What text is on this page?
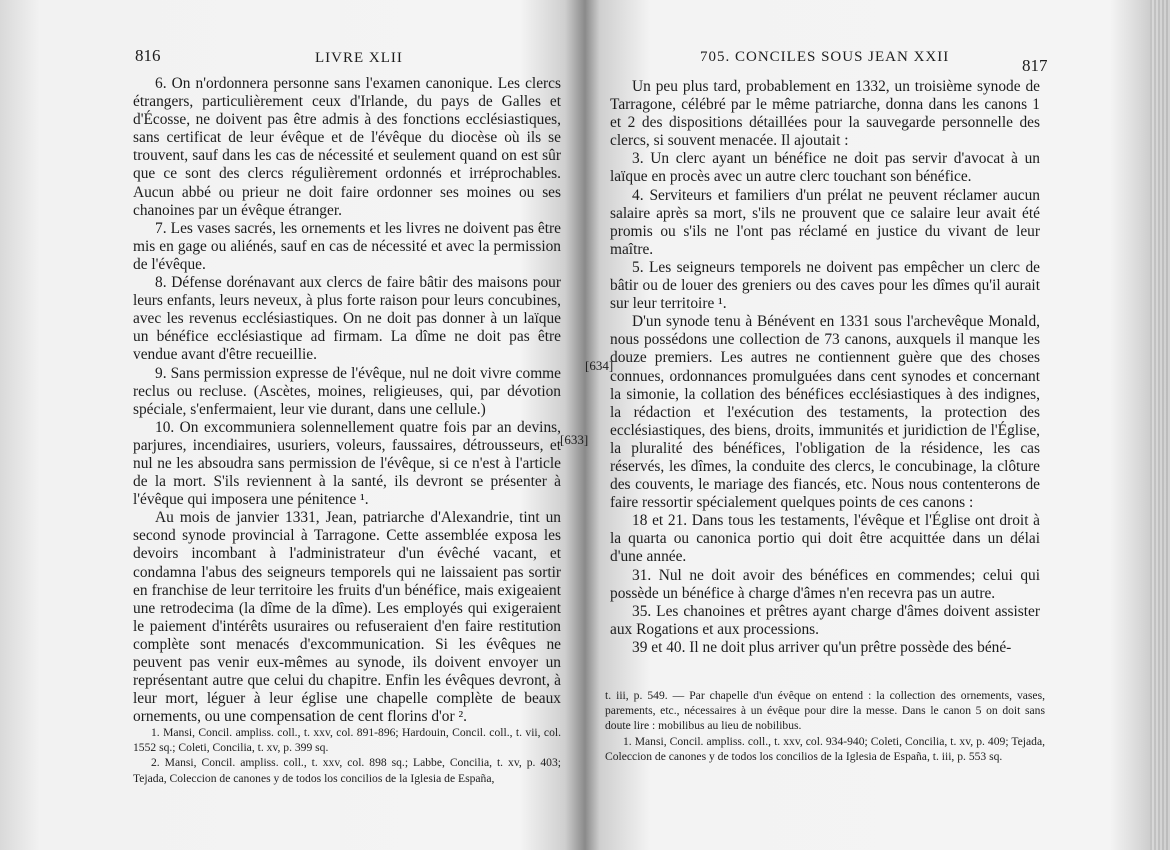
816	LIVRE XLII

6. On n'ordonnera personne sans l'examen canonique. Les clercs étrangers, particulièrement ceux d'Irlande, du pays de Galles et d'Écosse, ne doivent pas être admis à des fonctions ecclésiastiques, sans certificat de leur évêque et de l'évêque du diocèse où ils se trouvent, sauf dans les cas de nécessité et seulement quand on est sûr que ce sont des clercs régulièrement ordonnés et irréprochables. Aucun abbé ou prieur ne doit faire ordonner ses moines ou ses chanoines par un évêque étranger.

7. Les vases sacrés, les ornements et les livres ne doivent pas être mis en gage ou aliénés, sauf en cas de nécessité et avec la permission de l'évêque.

8. Défense dorénavant aux clercs de faire bâtir des maisons pour leurs enfants, leurs neveux, à plus forte raison pour leurs concubines, avec les revenus ecclésiastiques. On ne doit pas donner à un laïque un bénéfice ecclésiastique ad firmam. La dîme ne doit pas être vendue avant d'être recueillie.

9. Sans permission expresse de l'évêque, nul ne doit vivre comme reclus ou recluse. (Ascètes, moines, religieuses, qui, par dévotion spéciale, s'enfermaient, leur vie durant, dans une cellule.)

10. On excommuniera solennellement quatre fois par an devins, parjures, incendiaires, usuriers, voleurs, faussaires, détrousseurs, et nul ne les absoudra sans permission de l'évêque, si ce n'est à l'article de la mort. S'ils reviennent à la santé, ils devront se présenter à l'évêque qui imposera une pénitence ¹.

Au mois de janvier 1331, Jean, patriarche d'Alexandrie, tint un second synode provincial à Tarragone. Cette assemblée exposa les devoirs incombant à l'administrateur d'un évêché vacant, et condamna l'abus des seigneurs temporels qui ne laissaient pas sortir en franchise de leur territoire les fruits d'un bénéfice, mais exigeaient une retrodecima (la dîme de la dîme). Les employés qui exigeraient le paiement d'intérêts usuraires ou refuseraient d'en faire restitution complète sont menacés d'excommunication. Si les évêques ne peuvent pas venir eux-mêmes au synode, ils doivent envoyer un représentant autre que celui du chapitre. Enfin les évêques devront, à leur mort, léguer à leur église une chapelle complète de beaux ornements, ou une compensation de cent florins d'or ².

[633]

1. Mansi, Concil. ampliss. coll., t. xxv, col. 891-896; Hardouin, Concil. coll., t. vii, col. 1552 sq.; Coleti, Concilia, t. xv, p. 399 sq.

2. Mansi, Concil. ampliss. coll., t. xxv, col. 898 sq.; Labbe, Concilia, t. xv, p. 403; Tejada, Coleccion de canones y de todos los concilios de la Iglesia de España,

705. CONCILES SOUS JEAN XXII	817

Un peu plus tard, probablement en 1332, un troisième synode de Tarragone, célébré par le même patriarche, donna dans les canons 1 et 2 des dispositions détaillées pour la sauvegarde personnelle des clercs, si souvent menacée. Il ajoutait :

3. Un clerc ayant un bénéfice ne doit pas servir d'avocat à un laïque en procès avec un autre clerc touchant son bénéfice.

4. Serviteurs et familiers d'un prélat ne peuvent réclamer aucun salaire après sa mort, s'ils ne prouvent que ce salaire leur avait été promis ou s'ils ne l'ont pas réclamé en justice du vivant de leur maître.

5. Les seigneurs temporels ne doivent pas empêcher un clerc de bâtir ou de louer des greniers ou des caves pour les dîmes qu'il aurait sur leur territoire ¹.

D'un synode tenu à Bénévent en 1331 sous l'archevêque Monald, nous possédons une collection de 73 canons, auxquels il manque les douze premiers. Les autres ne contiennent guère que des choses connues, ordonnances promulguées dans cent synodes et concernant la simonie, la collation des bénéfices ecclésiastiques à des indignes, la rédaction et l'exécution des testaments, la protection des ecclésiastiques, des biens, droits, immunités et juridiction de l'Église, la pluralité des bénéfices, l'obligation de la résidence, les cas réservés, les dîmes, la conduite des clercs, le concubinage, la clôture des couvents, le mariage des fiancés, etc. Nous nous contenterons de faire ressortir spécialement quelques points de ces canons :

18 et 21. Dans tous les testaments, l'évêque et l'Église ont droit à la quarta ou canonica portio qui doit être acquittée dans un délai d'une année.

31. Nul ne doit avoir des bénéfices en commendes; celui qui possède un bénéfice à charge d'âmes n'en recevra pas un autre.

35. Les chanoines et prêtres ayant charge d'âmes doivent assister aux Rogations et aux processions.

39 et 40. Il ne doit plus arriver qu'un prêtre possède des béné-

[634]

t. iii, p. 549. — Par chapelle d'un évêque on entend : la collection des ornements, vases, parements, etc., nécessaires à un évêque pour dire la messe. Dans le canon 5 on doit sans doute lire : mobilibus au lieu de nobilibus.

1. Mansi, Concil. ampliss. coll., t. xxv, col. 934-940; Coleti, Concilia, t. xv, p. 409; Tejada, Coleccion de canones y de todos los concilios de la Iglesia de España, t. iii, p. 553 sq.
